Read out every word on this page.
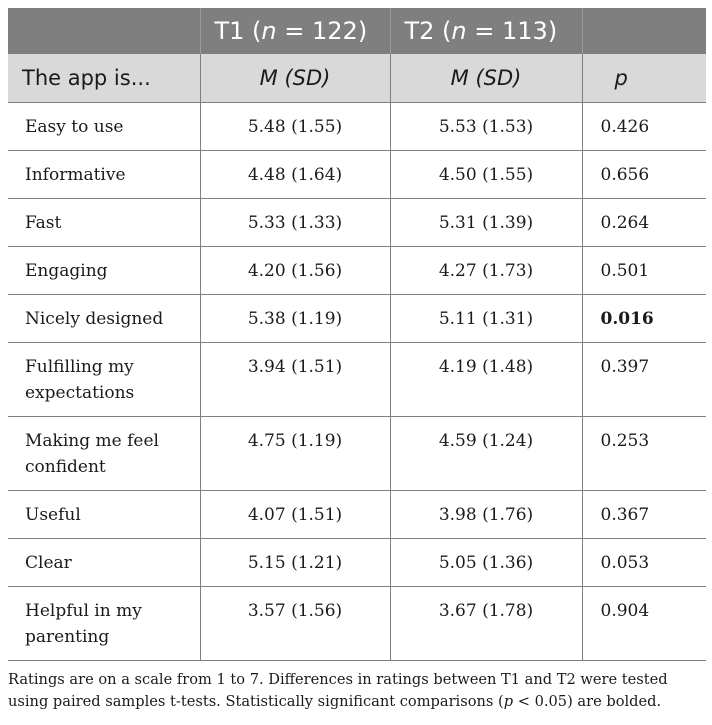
	T1 (n = 122)	T2 (n = 113)	
The app is...	M (SD)	M (SD)	p
Easy to use	5.48 (1.55)	5.53 (1.53)	0.426
Informative	4.48 (1.64)	4.50 (1.55)	0.656
Fast	5.33 (1.33)	5.31 (1.39)	0.264
Engaging	4.20 (1.56)	4.27 (1.73)	0.501
Nicely designed	5.38 (1.19)	5.11 (1.31)	0.016
Fulfilling my expectations	3.94 (1.51)	4.19 (1.48)	0.397
Making me feel confident	4.75 (1.19)	4.59 (1.24)	0.253
Useful	4.07 (1.51)	3.98 (1.76)	0.367
Clear	5.15 (1.21)	5.05 (1.36)	0.053
Helpful in my parenting	3.57 (1.56)	3.67 (1.78)	0.904

Ratings are on a scale from 1 to 7. Differences in ratings between T1 and T2 were tested using paired samples t-tests. Statistically significant comparisons (p < 0.05) are bolded.
